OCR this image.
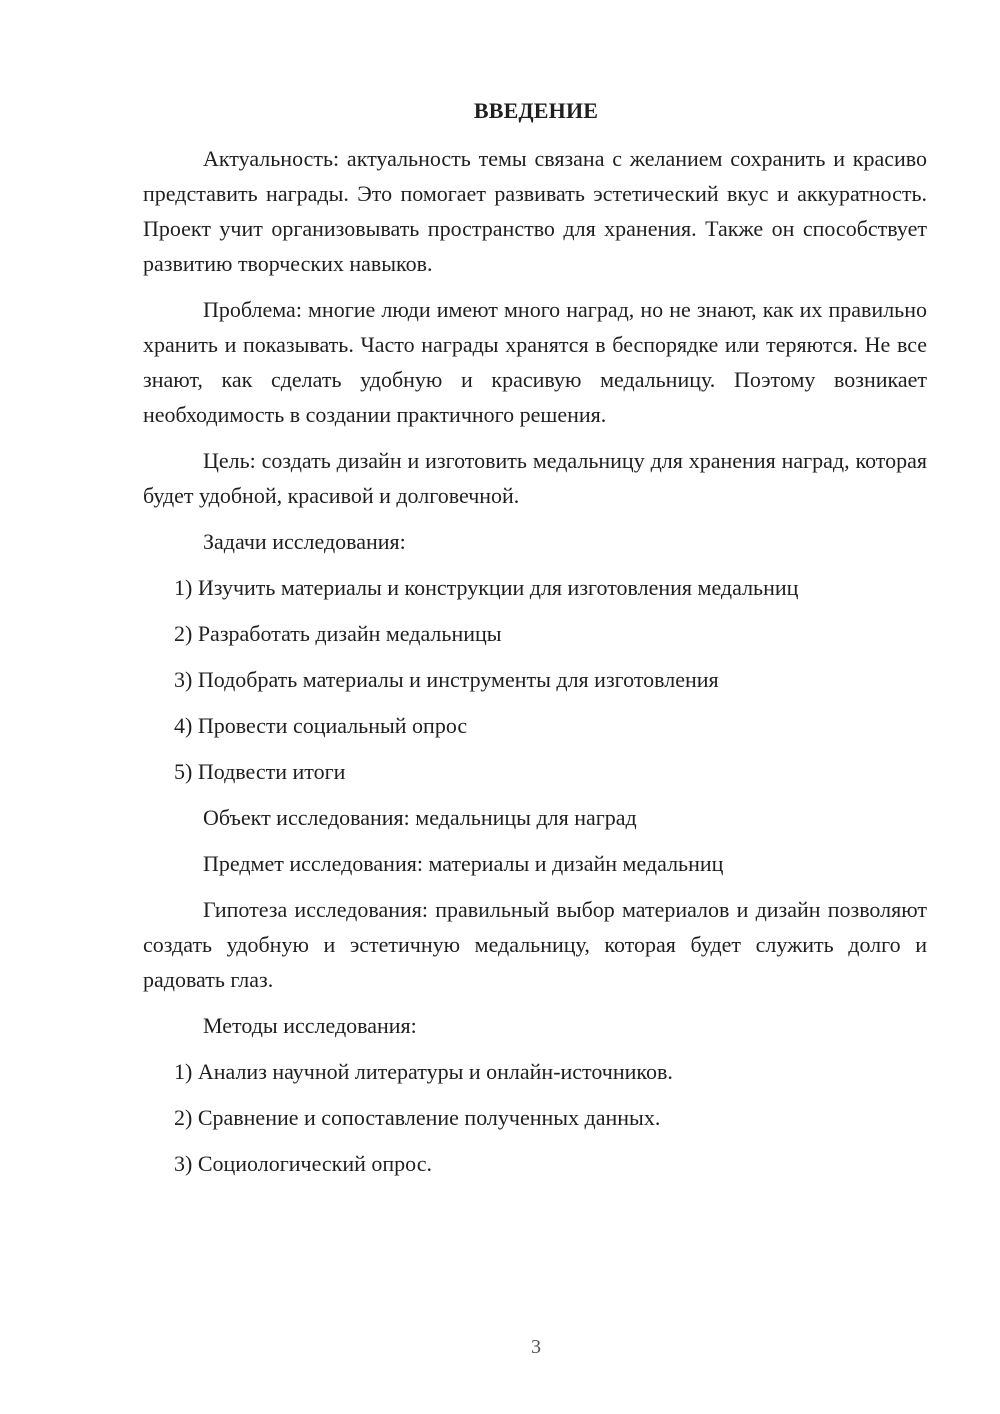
ВВЕДЕНИЕ

Актуальность: актуальность темы связана с желанием сохранить и красиво представить награды. Это помогает развивать эстетический вкус и аккуратность. Проект учит организовывать пространство для хранения. Также он способствует развитию творческих навыков.

Проблема: многие люди имеют много наград, но не знают, как их правильно хранить и показывать. Часто награды хранятся в беспорядке или теряются. Не все знают, как сделать удобную и красивую медальницу. Поэтому возникает необходимость в создании практичного решения.

Цель: создать дизайн и изготовить медальницу для хранения наград, которая будет удобной, красивой и долговечной.

Задачи исследования:

1) Изучить материалы и конструкции для изготовления медальниц

2) Разработать дизайн медальницы

3) Подобрать материалы и инструменты для изготовления

4) Провести социальный опрос

5) Подвести итоги

Объект исследования: медальницы для наград

Предмет исследования: материалы и дизайн медальниц

Гипотеза исследования: правильный выбор материалов и дизайн позволяют создать удобную и эстетичную медальницу, которая будет служить долго и радовать глаз.

Методы исследования:

1) Анализ научной литературы и онлайн-источников.

2) Сравнение и сопоставление полученных данных.

3) Социологический опрос.

3
